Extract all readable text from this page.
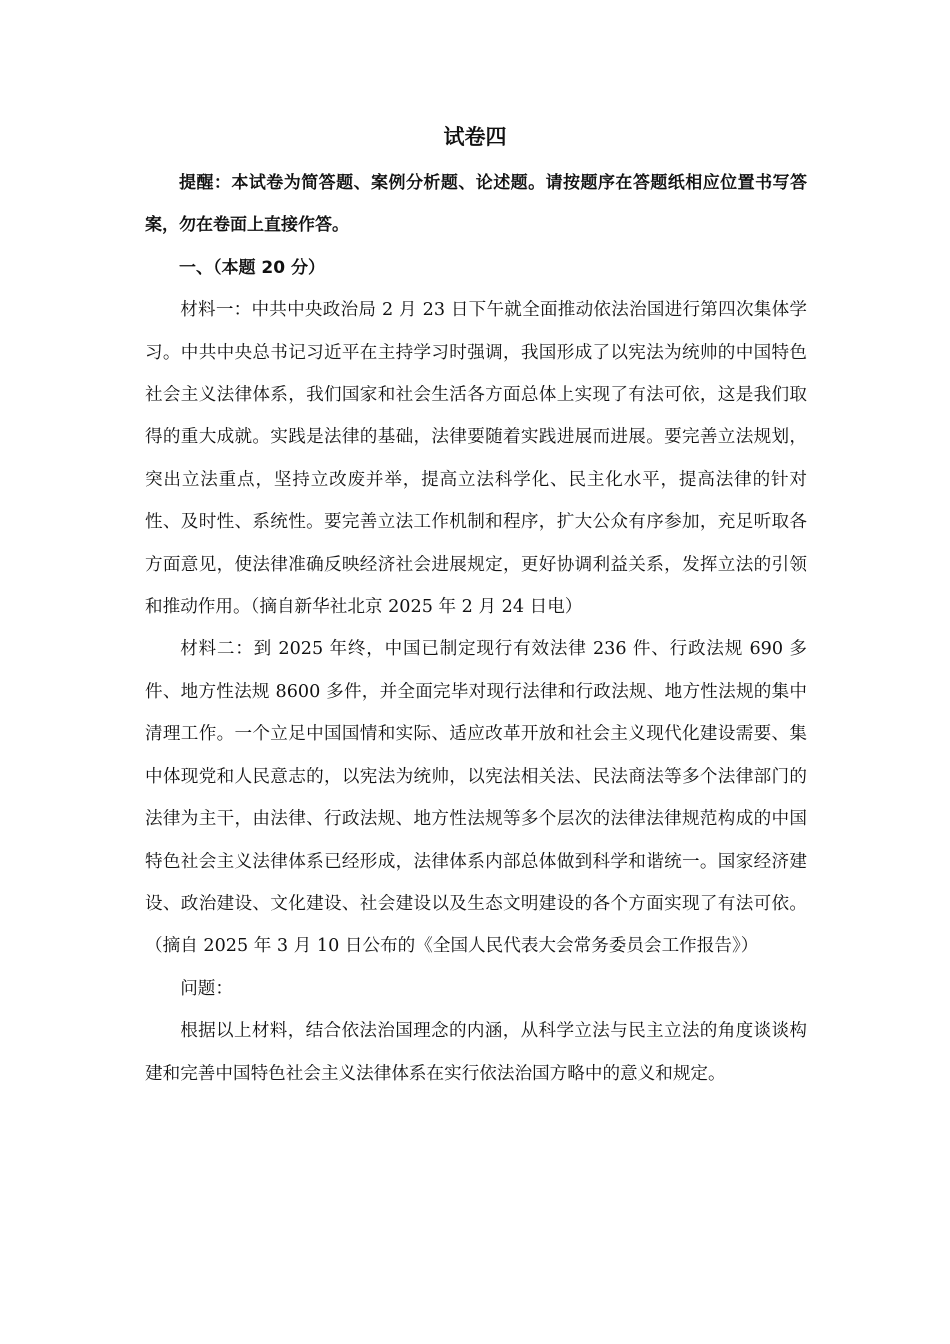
试卷四

提醒：本试卷为简答题、案例分析题、论述题。请按题序在答题纸相应位置书写答案，勿在卷面上直接作答。

一、（本题 20 分）

材料一：中共中央政治局 2 月 23 日下午就全面推动依法治国进行第四次集体学习。中共中央总书记习近平在主持学习时强调，我国形成了以宪法为统帅的中国特色社会主义法律体系，我们国家和社会生活各方面总体上实现了有法可依，这是我们取得的重大成就。实践是法律的基础，法律要随着实践进展而进展。要完善立法规划，突出立法重点，坚持立改废并举，提高立法科学化、民主化水平，提高法律的针对性、及时性、系统性。要完善立法工作机制和程序，扩大公众有序参加，充足听取各方面意见，使法律准确反映经济社会进展规定，更好协调利益关系，发挥立法的引领和推动作用。（摘自新华社北京 2025 年 2 月 24 日电）

材料二：到 2025 年终，中国已制定现行有效法律 236 件、行政法规 690 多件、地方性法规 8600 多件，并全面完毕对现行法律和行政法规、地方性法规的集中清理工作。一个立足中国国情和实际、适应改革开放和社会主义现代化建设需要、集中体现党和人民意志的，以宪法为统帅，以宪法相关法、民法商法等多个法律部门的法律为主干，由法律、行政法规、地方性法规等多个层次的法律法律规范构成的中国特色社会主义法律体系已经形成，法律体系内部总体做到科学和谐统一。国家经济建设、政治建设、文化建设、社会建设以及生态文明建设的各个方面实现了有法可依。（摘自 2025 年 3 月 10 日公布的《全国人民代表大会常务委员会工作报告》）

问题：

根据以上材料，结合依法治国理念的内涵，从科学立法与民主立法的角度谈谈构建和完善中国特色社会主义法律体系在实行依法治国方略中的意义和规定。
